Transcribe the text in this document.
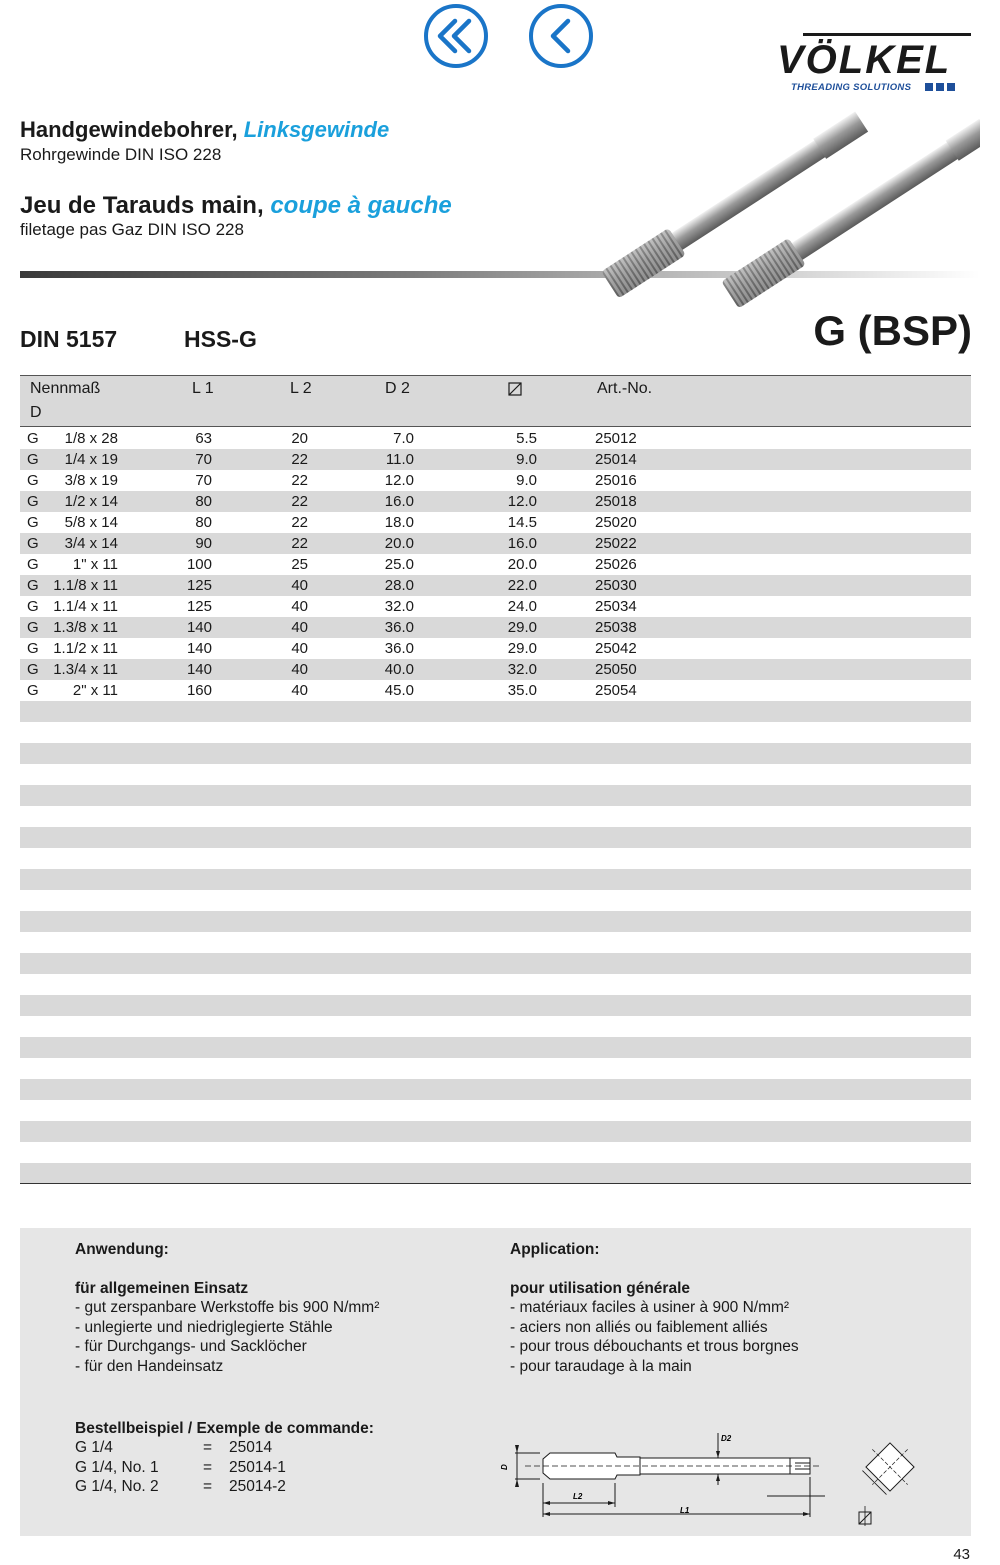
VÖLKEL
THREADING SOLUTIONS
Handgewindebohrer, Linksgewinde
Rohrgewinde DIN ISO 228
Jeu de Tarauds main, coupe à gauche
filetage pas Gaz DIN ISO 228
DIN 5157	HSS-G	G (BSP)
Nennmaß
D
L 1	L 2	D 2	Art.-No.
G	1/8 x 28	63	20	7.0	5.5	25012
G	1/4 x 19	70	22	11.0	9.0	25014
G	3/8 x 19	70	22	12.0	9.0	25016
G	1/2 x 14	80	22	16.0	12.0	25018
G	5/8 x 14	80	22	18.0	14.5	25020
G	3/4 x 14	90	22	20.0	16.0	25022
G	1" x 11	100	25	25.0	20.0	25026
G 1.1/8 x 11	125	40	28.0	22.0	25030
G 1.1/4 x 11	125	40	32.0	24.0	25034
G 1.3/8 x 11	140	40	36.0	29.0	25038
G 1.1/2 x 11	140	40	36.0	29.0	25042
G 1.3/4 x 11	140	40	40.0	32.0	25050
G	2" x 11	160	40	45.0	35.0	25054
Anwendung:
für allgemeinen Einsatz
- gut zerspanbare Werkstoffe bis 900 N/mm²
- unlegierte und niedriglegierte Stähle
- für Durchgangs- und Sacklöcher
- für den Handeinsatz
Application:
pour utilisation générale
- matériaux faciles à usiner à 900 N/mm²
- aciers non alliés ou faiblement alliés
- pour trous débouchants et trous borgnes
- pour taraudage à la main
Bestellbeispiel / Exemple de commande:
G 1/4	= 25014
G 1/4, No. 1	= 25014-1
G 1/4, No. 2	= 25014-2
L2
L1
D2
D
43
